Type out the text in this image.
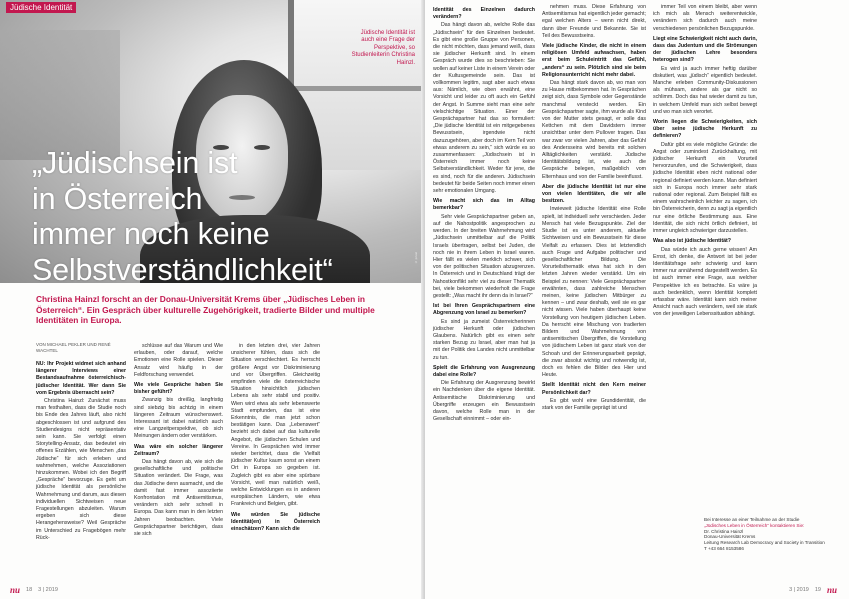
© privat
Jüdische Identität
Jüdische Identität ist auch eine Frage der Perspektive, so Studienleiterin Christina Hainzl.
„Jüdischsein ist
in Österreich
immer noch keine
Selbstverständlichkeit“
Christina Hainzl forscht an der Donau-Universität Krems über „Jüdisches Leben in Österreich“. Ein Gespräch über kulturelle Zugehörigkeit, tradierte Bilder und multiple Identitäten in Europa.
VON MICHAEL PEKLER UND RENÉ WACHTEL

NU: Ihr Projekt widmet sich anhand längerer Interviews einer Bestandsaufnahme österreichisch-jüdischer Identität. Wer dann Sie vom Ergebnis überrascht sein?

Christina Hainzl: Zunächst muss man festhalten, dass die Studie noch bis Ende des Jahres läuft, also nicht abgeschlossen ist und aufgrund des Studiendesigns nicht repräsentativ sein kann. Sie verfolgt einen Storytelling-Ansatz, das bedeutet ein offenes Erzählen, wie Menschen „das Jüdische“ für sich erleben und wahrnehmen, welche Assoziationen hinzukommen. Wobei ich den Begriff „Gespräche“ bevorzuge. Es geht um jüdische Identität als persönliche Wahrnehmung und darum, aus diesen individuellen Sichtweisen neue Fragestellungen abzuleiten. Warum ergeben sich diese Herangehensweise? Weil Gespräche im Unterschied zu Fragebögen mehr Rück-

schlüsse auf das Warum und Wie erlauben, oder darauf, welche Emotionen eine Rolle spielen. Dieser Ansatz wird häufig in der Feldforschung verwendet.

Wie viele Gespräche haben Sie bisher geführt?

Zwanzig bis dreißig, langfristig sind siebzig bis achtzig in einem längeren Zeitraum wünschenswert. Interessant ist dabei natürlich auch eine Langzeitperspektive, ob sich Meinungen ändern oder verstärken.

Was wäre ein solcher längerer Zeitraum?

Das hängt davon ab, wie sich die gesellschaftliche und politische Situation verändert. Die Frage, was das Jüdische denn ausmacht, und die damit fast immer assoziierte Konfrontation mit Antisemitismus, verändern sich sehr schnell in Europa. Das kann man in den letzten Jahren beobachten. Viele Gesprächspartner berichtigen, dass sie sich

in den letzten drei, vier Jahren unsicherer fühlen, dass sich die Situation verschlechtert. Es herrscht größere Angst vor Diskriminierung und vor Übergriffen. Gleichzeitig empfinden viele die österreichische Situation hinsichtlich jüdischen Lebens als sehr stabil und positiv. Wien wird etwa als sehr lebenswerte Stadt empfunden, das ist eine Erkenntnis, die man jetzt schon bestätigen kann. Das „Lebenswert“ bezieht sich dabei auf das kulturelle Angebot, die jüdischen Schulen und Vereine. In Gesprächen wird immer wieder berichtet, dass die Vielfalt jüdischer Kultur kaum sonst an einem Ort in Europa so gegeben ist. Zugleich gibt es aber eine spürbare Vorsicht, weil man natürlich weiß, welche Entwicklungen es in anderen europäischen Ländern, wie etwa Frankreich und Belgien, gibt.

Wie würden Sie jüdische Identität(en) in Österreich einschätzen? Kann sich die

nu 18 3 | 2019

Identität des Einzelnen dadurch verändern?

Das hängt davon ab, welche Rolle das „Jüdischsein“ für den Einzelnen bedeutet. Es gibt eine große Gruppe von Personen, die nicht möchten, dass jemand weiß, dass sie jüdischer Herkunft sind. In einem Gespräch wurde dies so beschrieben: Sie wollen auf keiner Liste in einem Verein oder der Kultusgemeinde sein. Das ist vollkommen legitim, sagt aber auch etwas aus: Nämlich, wie oben erwähnt, eine Vorsicht und leider zu oft auch ein Gefühl der Angst. In Summe sieht man eine sehr vielschichtige Situation. Einer der Gesprächspartner hat das so formuliert: „Die jüdische Identität ist ein mitgegebenes Bewusstsein, irgendwie nicht dazuzugehören, aber doch im Kern Teil von etwas anderem zu sein,“ sich würde es so zusammenfassen: „Jüdischsein ist in Österreich immer noch keine Selbstverständlichkeit. Weder für jene, die es sind, noch für die anderen. Jüdischsein bedeutet für beide Seiten noch immer einen sehr emotionalen Umgang.

Wie macht sich das im Alltag bemerkbar?

Sehr viele Gesprächspartner geben an, auf die Nahostpolitik angesprochen zu werden. In der breiten Wahrnehmung wird „Jüdischsein unmittelbar auf die Politik Israels übertragen, selbst bei Juden, die noch nie in ihrem Leben in Israel waren. Hier fällt es vielen merklich schwer, sich von der politischen Situation abzugrenzen. In Österreich und in Deutschland trägt der Nahostkonflikt sehr viel zu dieser Thematik bei, viele bekommen wiederholt die Frage gestellt: „Was macht ihr denn da in Israel?“

Ist bei Ihren Gesprächspartnern eine Abgrenzung von Israel zu bemerken?

Es sind ja zumeist Österreicherinnen jüdischer Herkunft oder jüdischen Glaubens. Natürlich gibt es einen sehr starken Bezug zu Israel, aber man hat ja mit der Politik des Landes nicht unmittelbar zu tun.

Spielt die Erfahrung von Ausgrenzung dabei eine Rolle?

Die Erfahrung der Ausgrenzung bewirkt ein Nachdenken über die eigene Identität. Antisemitische Diskriminierung und Übergriffe erzeugen ein Bewusstsein davon, welche Rolle man in der Gesellschaft einnimmt – oder ein-

nehmen muss. Diese Erfahrung von Antisemitismus hat eigentlich jeder gemacht; egal welchen Alters – wenn nicht direkt, dann über Freunde und Bekannte. Sie ist Teil des Bewusstseins.

Viele jüdische Kinder, die nicht in einem religiösen Umfeld aufwachsen, haben erst beim Schuleintritt das Gefühl, „anders“ zu sein. Plötzlich sind sie beim Religionsunterricht nicht mehr dabei.

Das hängt stark davon ab, wo man von zu Hause mitbekommen hat. In Gesprächen zeigt sich, dass Symbole oder Gegenstände manchmal versteckt werden. Ein Gesprächspartner sagte, ihm wurde als Kind von der Mutter stets gesagt, er solle das Kettchen mit dem Davidstern immer unsichtbar unter dem Pullover tragen. Das war zwar vor vielen Jahren, aber das Gefühl des Andersseins wird bereits mit solchen Alltäglichkeiten verstärkt. Jüdische Identitätsbildung ist, wie auch die Gespräche belegen, maßgeblich vom Elternhaus und von der Familie beeinflusst.

Aber die jüdische Identität ist nur eine von vielen Identitäten, die wir alle besitzen.

Inwieweit jüdische Identität eine Rolle spielt, ist individuell sehr verschieden. Jeder Mensch hat viele Bezugspunkte. Ziel der Studie ist es unter anderem, aktuelle Sichtweisen und ein Bewusstsein für diese Vielfalt zu erfassen. Dies ist letztendlich auch Frage und Aufgabe politischer und gesellschaftlicher Bildung. Die Vorurteilsthematik etwa hat sich in den letzten Jahren wieder verstärkt. Um ein Beispiel zu nennen: Viele Gesprächspartner erwähnten, dass zahlreiche Menschen meinen, keine jüdischen Mitbürger zu kennen – und zwar deshalb, weil sie es gar nicht wissen. Viele haben überhaupt keine Vorstellung von heutigem jüdischen Leben. Da herrscht eine Mischung von tradierten Bildern und Wahrnehmung von antisemitischen Übergriffen, die Vorstellung von jüdischem Leben ist ganz stark von der Schoah und der Erinnerungsarbeit geprägt, die zwar absolut wichtig und notwendig ist, doch es fehlen die Bilder des Hier und Heute.

Stellt Identität nicht den Kern meiner Persönlichkeit dar?

Es gibt wohl eine Grundidentität, die stark von der Familie geprägt ist und

immer Teil von einem bleibt, aber wenn ich mich als Mensch weiterentwickle, verändern sich dadurch auch meine verschiedenen persönlichen Bezugspunkte.

Liegt eine Schwierigkeit nicht auch darin, dass das Judentum und die Strömungen der jüdischen Lehre besonders heterogen sind?

Es wird ja auch immer heftig darüber diskutiert, was „jüdisch“ eigentlich bedeutet. Manche erleben Community-Diskussionen als mühsam, andere als gar nicht so schlimm. Doch das hat wieder damit zu tun, in welchem Umfeld man sich selbst bewegt und wo man sich verortet.

Worin liegen die Schwierigkeiten, sich über seine jüdische Herkunft zu definieren?

Dafür gibt es viele mögliche Gründe: die Angst oder zumindest Zurückhaltung, mit jüdischer Herkunft ein Vorurteil hervorzurufen, und die Schwierigkeit, dass jüdische Identität eben nicht national oder regional definiert werden kann. Man definiert sich in Europa noch immer sehr stark national oder regional. Zum Beispiel fällt es einem wahrscheinlich leichter zu sagen, ich bin Österreicherin, denn zu sagt ja eigentlich nur eine örtliche Bestimmung aus. Eine Identität, die sich nicht örtlich definiert, ist immer ungleich schwieriger darzustellen.

Was also ist jüdische Identität?

Das würde ich auch gerne wissen! Am Ernst, ich denke, die Antwort ist bei jeder Identitätsfrage sehr schwierig und kann immer nur annähernd dargestellt werden. Es ist auch immer eine Frage, aus welcher Perspektive ich es betrachte. Es wäre ja auch bedenklich, wenn Identität komplett erfassbar wäre. Identität kann sich meiner Ansicht nach auch verändern, weil sie stark von der jeweiligen Lebenssituation abhängt.

Bei Interesse an einer Teilnahme an der Studie
„Jüdisches Leben in Österreich“ kontaktieren Sie:
Dr. Christina Hainzl
Donau-Universität Krems
Leitung Research Lab Democracy and Society in Transition
T +43 664 8153586
3 | 2019 19 nu
